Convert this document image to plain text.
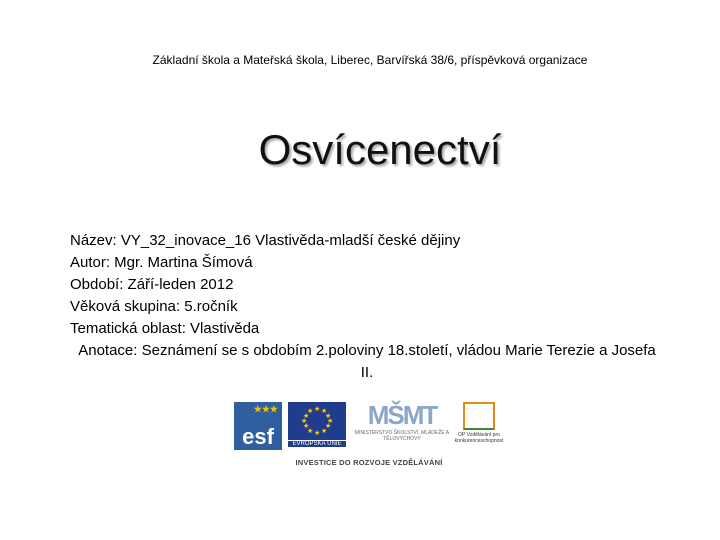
Základní škola a Mateřská škola, Liberec, Barvířská 38/6, příspěvková organizace
Osvícenectví
Název: VY_32_inovace_16 Vlastivěda-mladší české dějiny
Autor: Mgr. Martina Šímová
Období: Září-leden 2012
Věková skupina: 5.ročník
Tematická oblast: Vlastivěda
Anotace: Seznámení se s obdobím 2.poloviny 18.století, vládou Marie Terezie a Josefa II.
★★★
esf
★ ★
★
★
★
★
★
★
★
★
★
★
EVROPSKÁ UNIE
MŠMT
MINISTERSTVO ŠKOLSTVÍ, MLÁDEŽE A TĚLOVÝCHOVY
OP Vzdělávání pro konkurenceschopnost
INVESTICE DO ROZVOJE VZDĚLÁVÁNÍ
